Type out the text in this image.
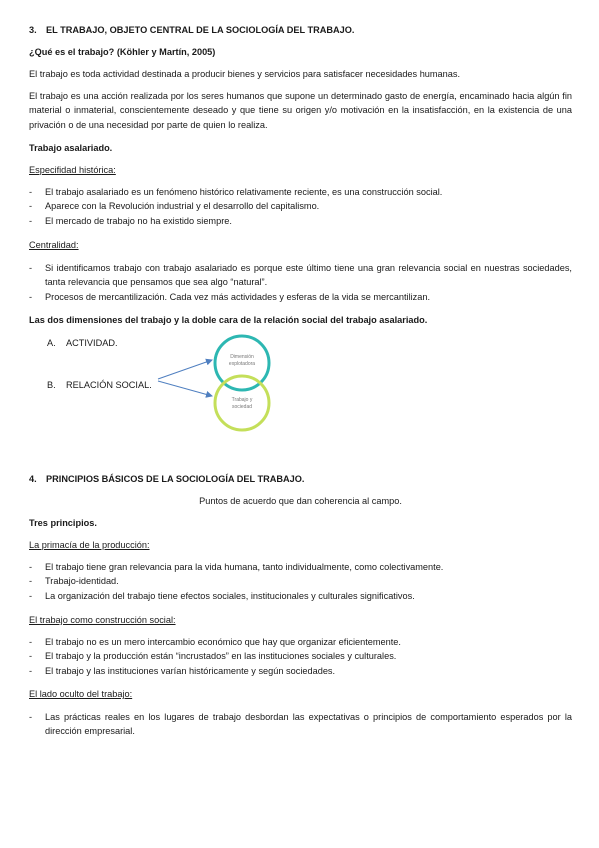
3.	EL TRABAJO, OBJETO CENTRAL DE LA SOCIOLOGÍA DEL TRABAJO.
¿Qué es el trabajo? (Köhler y Martín, 2005)
El trabajo es toda actividad destinada a producir bienes y servicios para satisfacer necesidades humanas.
El trabajo es una acción realizada por los seres humanos que supone un determinado gasto de energía, encaminado hacia algún fin material o inmaterial, conscientemente deseado y que tiene su origen y/o motivación en la insatisfacción, en la existencia de una privación o de una necesidad por parte de quien lo realiza.
Trabajo asalariado.
Especifidad histórica:
-	El trabajo asalariado es un fenómeno histórico relativamente reciente, es una construcción social.
-	Aparece con la Revolución industrial y el desarrollo del capitalismo.
-	El mercado de trabajo no ha existido siempre.
Centralidad:
-	Si identificamos trabajo con trabajo asalariado es porque este último tiene una gran relevancia social en nuestras sociedades, tanta relevancia que pensamos que sea algo “natural”.
-	Procesos de mercantilización. Cada vez más actividades y esferas de la vida se mercantilizan.
Las dos dimensiones del trabajo y la doble cara de la relación social del trabajo asalariado.
A.	ACTIVIDAD.
B.	RELACIÓN SOCIAL.
Dimensión explotadora
Trabajo y sociedad
4.	PRINCIPIOS BÁSICOS DE LA SOCIOLOGÍA DEL TRABAJO.
Puntos de acuerdo que dan coherencia al campo.
Tres principios.
La primacía de la producción:
-	El trabajo tiene gran relevancia para la vida humana, tanto individualmente, como colectivamente.
-	Trabajo-identidad.
-	La organización del trabajo tiene efectos sociales, institucionales y culturales significativos.
El trabajo como construcción social:
-	El trabajo no es un mero intercambio económico que hay que organizar eficientemente.
-	El trabajo y la producción están “incrustados” en las instituciones sociales y culturales.
-	El trabajo y las instituciones varían históricamente y según sociedades.
El lado oculto del trabajo:
-	Las prácticas reales en los lugares de trabajo desbordan las expectativas o principios de comportamiento esperados por la dirección empresarial.
